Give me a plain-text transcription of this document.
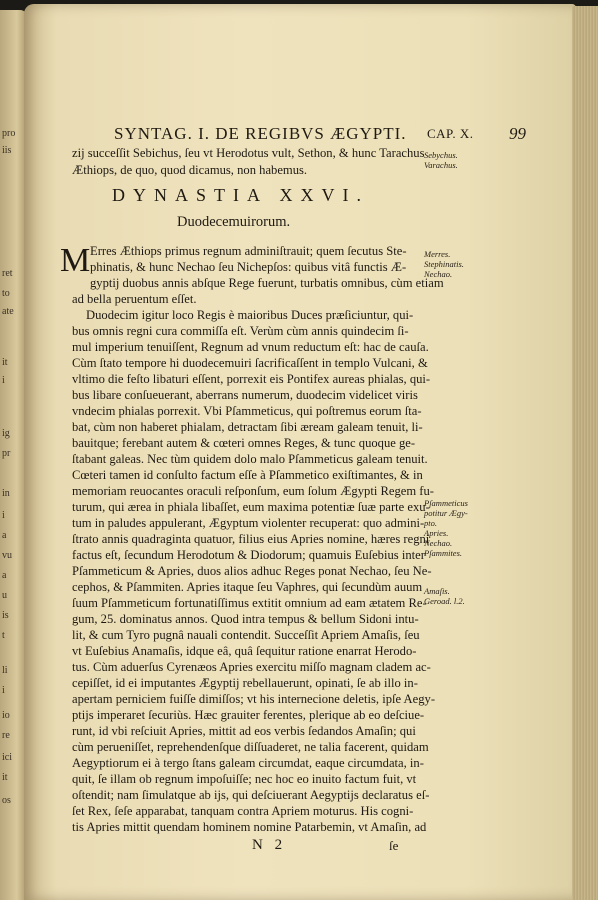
pro
iis
ret
to
ate
it
i
ig
pr
in
i
a
vu
a
u
is
t
li
i
io
re
ici
it
os
SYNTAG. I. DE REGIBVS ÆGYPTI.	99
CAP. X.
zij succeſſit Sebichus, ſeu vt Herodotus vult, Sethon, & hunc Tarachus
Æthiops, de quo, quod dicamus, non habemus.
Sebychus.
Varachus.
DYNASTIA XXVI.
Duodecemuirorum.
M	Merres.
Stephinatis.
Nechao.
Erres Æthiops primus regnum adminiſtrauit; quem ſecutus Ste-
phinatis, & hunc Nechao ſeu Nichepſos: quibus vitâ functis Æ-
gyptij duobus annis abſque Rege fuerunt, turbatis omnibus, cùm etiam
ad bella peruentum eſſet.
Duodecim igitur loco Regis è maioribus Duces præſiciuntur, qui-
bus omnis regni cura commiſſa eſt. Verùm cùm annis quindecim ſi-
mul imperium tenuiſſent, Regnum ad vnum reductum eſt: hac de cauſa.
Cùm ſtato tempore hi duodecemuiri ſacrificaſſent in templo Vulcani, &
vltimo die feſto libaturi eſſent, porrexit eis Pontifex aureas phialas, qui-
bus libare conſueuerant, aberrans numerum, duodecim videlicet viris
vndecim phialas porrexit. Vbi Pſammeticus, qui poſtremus eorum ſta-
bat, cùm non haberet phialam, detractam ſibi æream galeam tenuit, li-
bauitque; ferebant autem & cœteri omnes Reges, & tunc quoque ge-
ſtabant galeas. Nec tùm quidem dolo malo Pſammeticus galeam tenuit.
Cœteri tamen id conſulto factum eſſe à Pſammetico exiſtimantes, & in
memoriam reuocantes oraculi reſponſum, eum ſolum Ægypti Regem fu-
turum, qui ærea in phiala libaſſet, eum maxima potentiæ ſuæ parte exu-
tum in paludes appulerant, Ægyptum violenter recuperat: quo admini-
ſtrato annis quadraginta quatuor, filius eius Apries nomine, hæres regni
factus eſt, ſecundum Herodotum & Diodorum; quamuis Euſebius inter
Pſammeticum & Apries, duos alios adhuc Reges ponat Nechao, ſeu Ne-
cephos, & Pſammiten. Apries itaque ſeu Vaphres, qui ſecundùm auum
ſuum Pſammeticum fortunatiſſimus extitit omnium ad eam ætatem Re-
gum, 25. dominatus annos. Quod intra tempus & bellum Sidoni intu-
lit, & cum Tyro pugnâ nauali contendit. Succeſſit Apriem Amaſis, ſeu
vt Euſebius Anamaſis, idque eâ, quâ ſequitur ratione enarrat Herodo-
tus. Cùm aduerſus Cyrenæos Apries exercitu miſſo magnam cladem ac-
cepiſſet, id ei imputantes Ægyptij rebellauerunt, opinati, ſe ab illo in-
apertam perniciem fuiſſe dimiſſos; vt his internecione deletis, ipſe Aegy-
ptijs imperaret ſecuriùs. Hæc grauiter ferentes, plerique ab eo deſciue-
runt, id vbi reſciuit Apries, mittit ad eos verbis ſedandos Amaſin; qui
cùm perueniſſet, reprehendenſque diſſuaderet, ne talia facerent, quidam
Aegyptiorum ei à tergo ſtans galeam circumdat, eaque circumdata, in-
quit, ſe illam ob regnum impoſuiſſe; nec hoc eo inuito factum fuit, vt
oſtendit; nam ſimulatque ab ijs, qui deſciuerant Aegyptijs declaratus eſ-
ſet Rex, ſeſe apparabat, tanquam contra Apriem moturus. His cogni-
tis Apries mittit quendam hominem nomine Patarbemin, vt Amaſin, ad
Pſammeticus
potitur Ægy-
pto.
Apries.
Nechao.
Pſammites.
Amaſis.
Geroad. l.2.
N 2	ſe
